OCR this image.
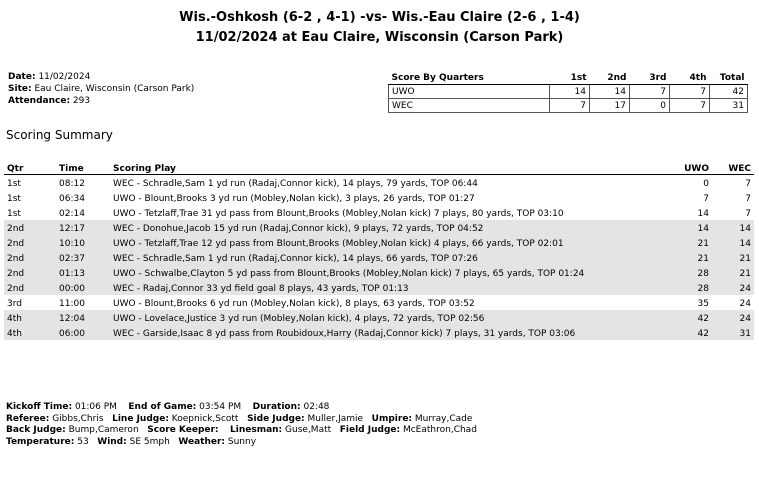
Wis.-Oshkosh (6-2 , 4-1) -vs- Wis.-Eau Claire (2-6 , 1-4)
11/02/2024 at Eau Claire, Wisconsin (Carson Park)
Date: 11/02/2024
Site: Eau Claire, Wisconsin (Carson Park)
Attendance: 293
Score By Quarters	1st	2nd	3rd	4th	Total
UWO	14	14	7	7	42
WEC	7	17	0	7	31
Scoring Summary
Qtr	Time	Scoring Play	UWO	WEC
1st	08:12	WEC - Schradle,Sam 1 yd run (Radaj,Connor kick), 14 plays, 79 yards, TOP 06:44	0	7
1st	06:34	UWO - Blount,Brooks 3 yd run (Mobley,Nolan kick), 3 plays, 26 yards, TOP 01:27	7	7
1st	02:14	UWO - Tetzlaff,Trae 31 yd pass from Blount,Brooks (Mobley,Nolan kick) 7 plays, 80 yards, TOP 03:10	14	7
2nd	12:17	WEC - Donohue,Jacob 15 yd run (Radaj,Connor kick), 9 plays, 72 yards, TOP 04:52	14	14
2nd	10:10	UWO - Tetzlaff,Trae 12 yd pass from Blount,Brooks (Mobley,Nolan kick) 4 plays, 66 yards, TOP 02:01	21	14
2nd	02:37	WEC - Schradle,Sam 1 yd run (Radaj,Connor kick), 14 plays, 66 yards, TOP 07:26	21	21
2nd	01:13	UWO - Schwalbe,Clayton 5 yd pass from Blount,Brooks (Mobley,Nolan kick) 7 plays, 65 yards, TOP 01:24	28	21
2nd	00:00	WEC - Radaj,Connor 33 yd field goal 8 plays, 43 yards, TOP 01:13	28	24
3rd	11:00	UWO - Blount,Brooks 6 yd run (Mobley,Nolan kick), 8 plays, 63 yards, TOP 03:52	35	24
4th	12:04	UWO - Lovelace,Justice 3 yd run (Mobley,Nolan kick), 4 plays, 72 yards, TOP 02:56	42	24
4th	06:00	WEC - Garside,Isaac 8 yd pass from Roubidoux,Harry (Radaj,Connor kick) 7 plays, 31 yards, TOP 03:06	42	31
Kickoff Time: 01:06 PM End of Game: 03:54 PM Duration: 02:48
Referee: Gibbs,Chris Line Judge: Koepnick,Scott Side Judge: Muller,Jamie Umpire: Murray,Cade
Back Judge: Bump,Cameron Score Keeper: Linesman: Guse,Matt Field Judge: McEathron,Chad
Temperature: 53 Wind: SE 5mph Weather: Sunny
